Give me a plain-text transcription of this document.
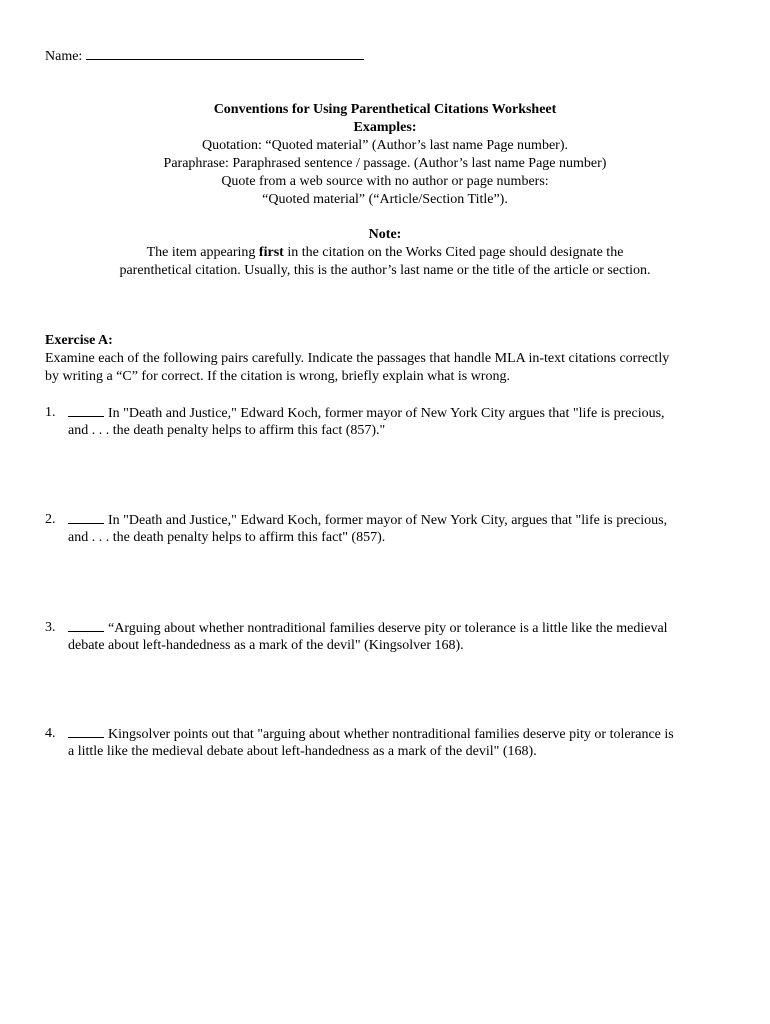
Name:
Conventions for Using Parenthetical Citations Worksheet
Examples:
Quotation: “Quoted material” (Author’s last name Page number).
Paraphrase: Paraphrased sentence / passage. (Author’s last name Page number)
Quote from a web source with no author or page numbers:
“Quoted material” (“Article/Section Title”).
Note:
The item appearing first in the citation on the Works Cited page should designate the
parenthetical citation. Usually, this is the author’s last name or the title of the article or section.
Exercise A:
Examine each of the following pairs carefully. Indicate the passages that handle MLA in-text citations correctly
by writing a “C” for correct. If the citation is wrong, briefly explain what is wrong.
1.	In "Death and Justice," Edward Koch, former mayor of New York City argues that "life is precious,
and . . . the death penalty helps to affirm this fact (857)."
2.	In "Death and Justice," Edward Koch, former mayor of New York City, argues that "life is precious,
and . . . the death penalty helps to affirm this fact" (857).
3.	“Arguing about whether nontraditional families deserve pity or tolerance is a little like the medieval
debate about left-handedness as a mark of the devil" (Kingsolver 168).
4.	Kingsolver points out that "arguing about whether nontraditional families deserve pity or tolerance is
a little like the medieval debate about left-handedness as a mark of the devil" (168).
